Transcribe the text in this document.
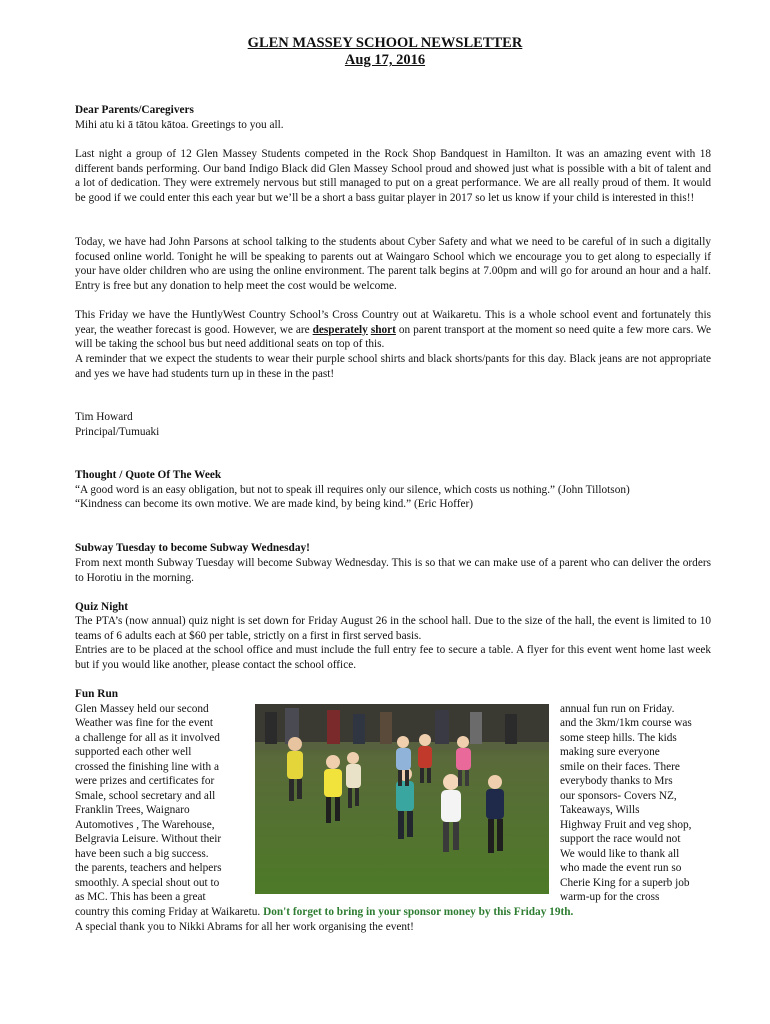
GLEN MASSEY SCHOOL NEWSLETTER
Aug 17, 2016

Dear Parents/Caregivers

Mihi atu ki ā tātou kātoa. Greetings to you all.

Last night a group of 12 Glen Massey Students competed in the Rock Shop Bandquest in Hamilton. It was an amazing event with 18 different bands performing. Our band Indigo Black did Glen Massey School proud and showed just what is possible with a bit of talent and a lot of dedication. They were extremely nervous but still managed to put on a great performance. We are all really proud of them. It would be good if we could enter this each year but we’ll be a short a bass guitar player in 2017 so let us know if your child is interested in this!!

Today, we have had John Parsons at school talking to the students about Cyber Safety and what we need to be careful of in such a digitally focused online world. Tonight he will be speaking to parents out at Waingaro School which we encourage you to get along to especially if your have older children who are using the online environment. The parent talk begins at 7.00pm and will go for around an hour and a half. Entry is free but any donation to help meet the cost would be welcome.

This Friday we have the HuntlyWest Country School’s Cross Country out at Waikaretu. This is a whole school event and fortunately this year, the weather forecast is good. However, we are desperately short on parent transport at the moment so need quite a few more cars. We will be taking the school bus but need additional seats on top of this.

A reminder that we expect the students to wear their purple school shirts and black shorts/pants for this day. Black jeans are not appropriate and yes we have had students turn up in these in the past!

Tim Howard

Principal/Tumuaki

Thought / Quote Of The Week

“A good word is an easy obligation, but not to speak ill requires only our silence, which costs us nothing.” (John Tillotson)

“Kindness can become its own motive. We are made kind, by being kind.” (Eric Hoffer)

Subway Tuesday to become Subway Wednesday!

From next month Subway Tuesday will become Subway Wednesday. This is so that we can make use of a parent who can deliver the orders to Horotiu in the morning.

Quiz Night

The PTA’s (now annual) quiz night is set down for Friday August 26 in the school hall. Due to the size of the hall, the event is limited to 10 teams of 6 adults each at $60 per table, strictly on a first in first served basis.

Entries are to be placed at the school office and must include the full entry fee to secure a table. A flyer for this event went home last week but if you would like another, please contact the school office.

Fun Run

Glen Massey held our second
Weather was fine for the event
a challenge for all as it involved
supported each other well
crossed the finishing line with a
were prizes and certificates for
Smale, school secretary and all
Franklin Trees, Waignaro
Automotives , The Warehouse,
Belgravia Leisure. Without their
have been such a big success.
the parents, teachers and helpers
smoothly. A special shout out to
as MC. This has been a great
annual fun run on Friday.
and the 3km/1km course was
some steep hills. The kids
making sure everyone
smile on their faces. There
everybody thanks to Mrs
our sponsors- Covers NZ,
Takeaways, Wills
Highway Fruit and veg shop,
support the race would not
We would like to thank all
who made the event run so
Cherie King for a superb job
warm-up for the cross
country this coming Friday at Waikaretu. Don't forget to bring in your sponsor money by this Friday 19th.
A special thank you to Nikki Abrams for all her work organising the event!
